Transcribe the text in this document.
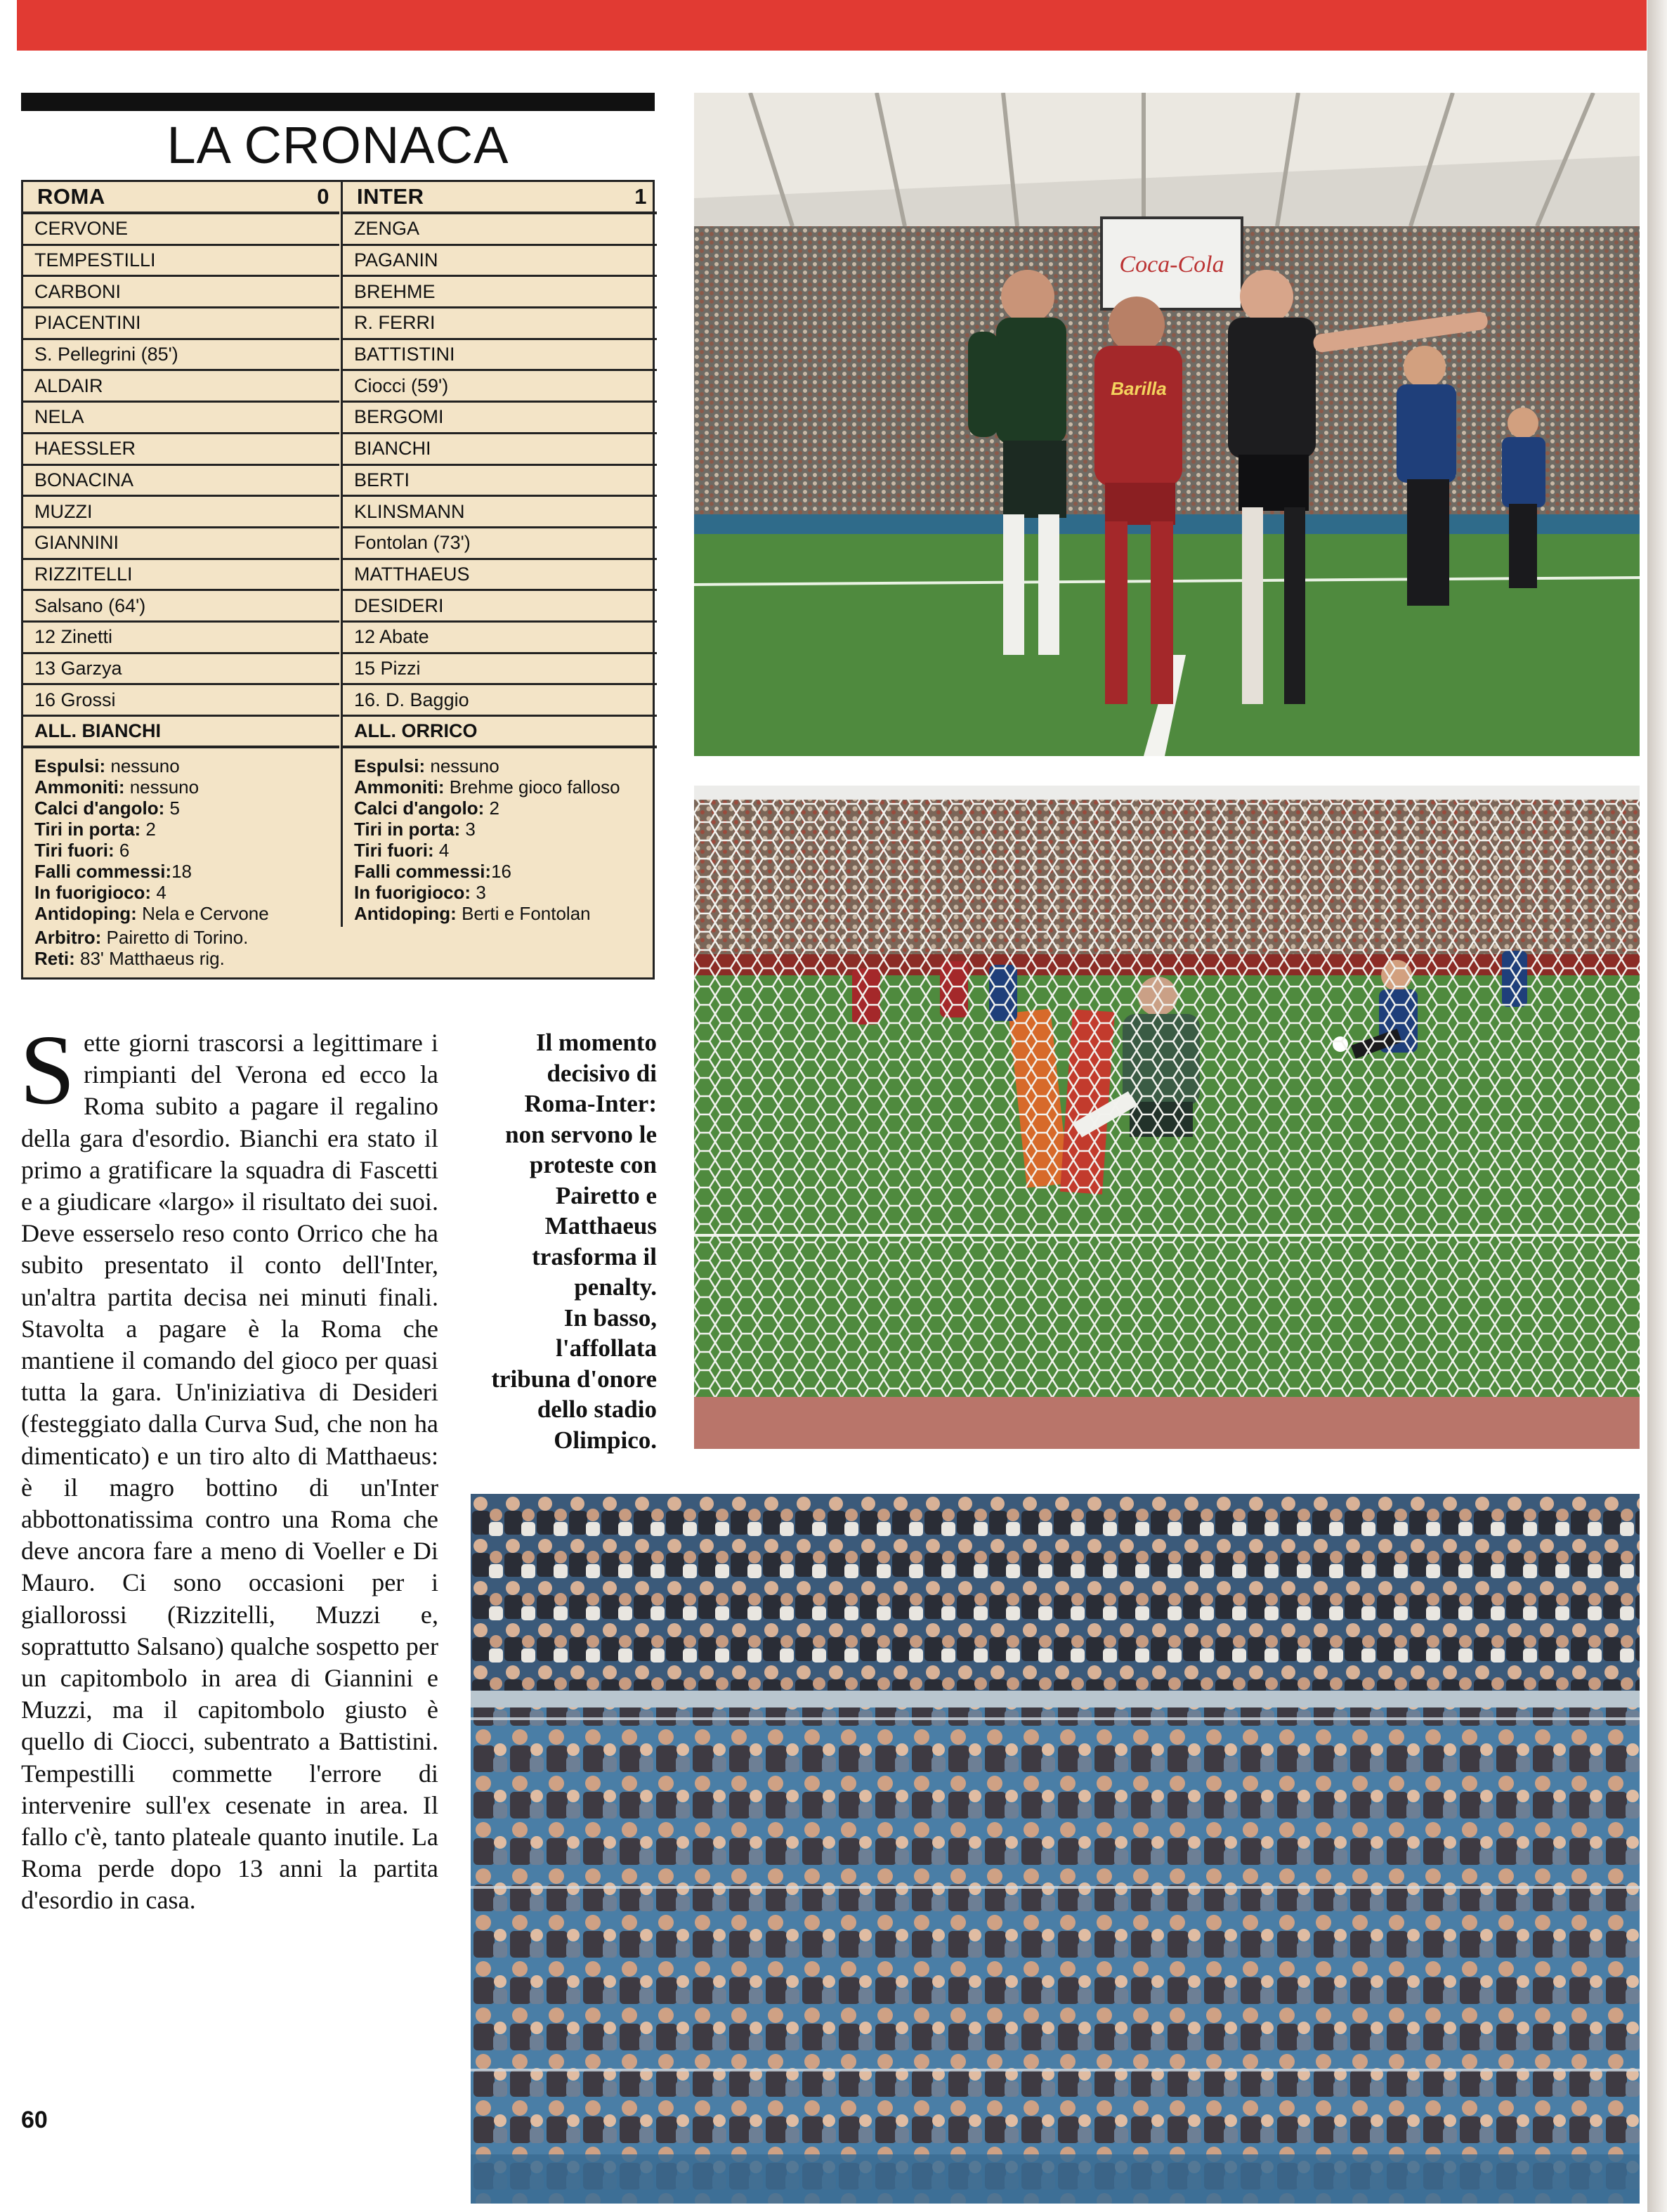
LA CRONACA
ROMA	0
CERVONE
TEMPESTILLI
CARBONI
PIACENTINI
S. Pellegrini (85')
ALDAIR
NELA
HAESSLER
BONACINA
MUZZI
GIANNINI
RIZZITELLI
Salsano (64')
12 Zinetti
13 Garzya
16 Grossi
ALL. BIANCHI
Espulsi: nessuno
Ammoniti: nessuno
Calci d'angolo: 5
Tiri in porta: 2
Tiri fuori: 6
Falli commessi:18
In fuorigioco: 4
Antidoping: Nela e Cervone
INTER	1
ZENGA
PAGANIN
BREHME
R. FERRI
BATTISTINI
Ciocci (59')
BERGOMI
BIANCHI
BERTI
KLINSMANN
Fontolan (73')
MATTHAEUS
DESIDERI
12 Abate
15 Pizzi
16. D. Baggio
ALL. ORRICO
Espulsi: nessuno
Ammoniti: Brehme gioco falloso
Calci d'angolo: 2
Tiri in porta: 3
Tiri fuori: 4
Falli commessi:16
In fuorigioco: 3
Antidoping: Berti e Fontolan
Arbitro: Pairetto di Torino.
Reti: 83' Matthaeus rig.
Sette giorni trascorsi a legittimare i rimpianti del Verona ed ecco la Roma subito a pagare il regalino della gara d'esordio. Bianchi era stato il primo a gratificare la squadra di Fascetti e a giudicare «largo» il risultato dei suoi. Deve esserselo reso conto Orrico che ha subito presentato il conto dell'Inter, un'altra partita decisa nei minuti finali. Stavolta a pagare è la Roma che mantiene il comando del gioco per quasi tutta la gara. Un'iniziativa di Desideri (festeggiato dalla Curva Sud, che non ha dimenticato) e un tiro alto di Matthaeus: è il magro bottino di un'Inter abbottonatissima contro una Roma che deve ancora fare a meno di Voeller e Di Mauro. Ci sono occasioni per i giallorossi (Rizzitelli, Muzzi e, soprattutto Salsano) qualche sospetto per un capitombolo in area di Giannini e Muzzi, ma il capitombolo giusto è quello di Ciocci, subentrato a Battistini. Tempestilli commette l'errore di intervenire sull'ex cesenate in area. Il fallo c'è, tanto plateale quanto inutile. La Roma perde dopo 13 anni la partita d'esordio in casa.
Il momento
decisivo di
Roma-Inter:
non servono le
proteste con
Pairetto e
Matthaeus
trasforma il
penalty.
In basso,
l'affollata
tribuna d'onore
dello stadio
Olimpico.
60
Coca-Cola
Barilla
